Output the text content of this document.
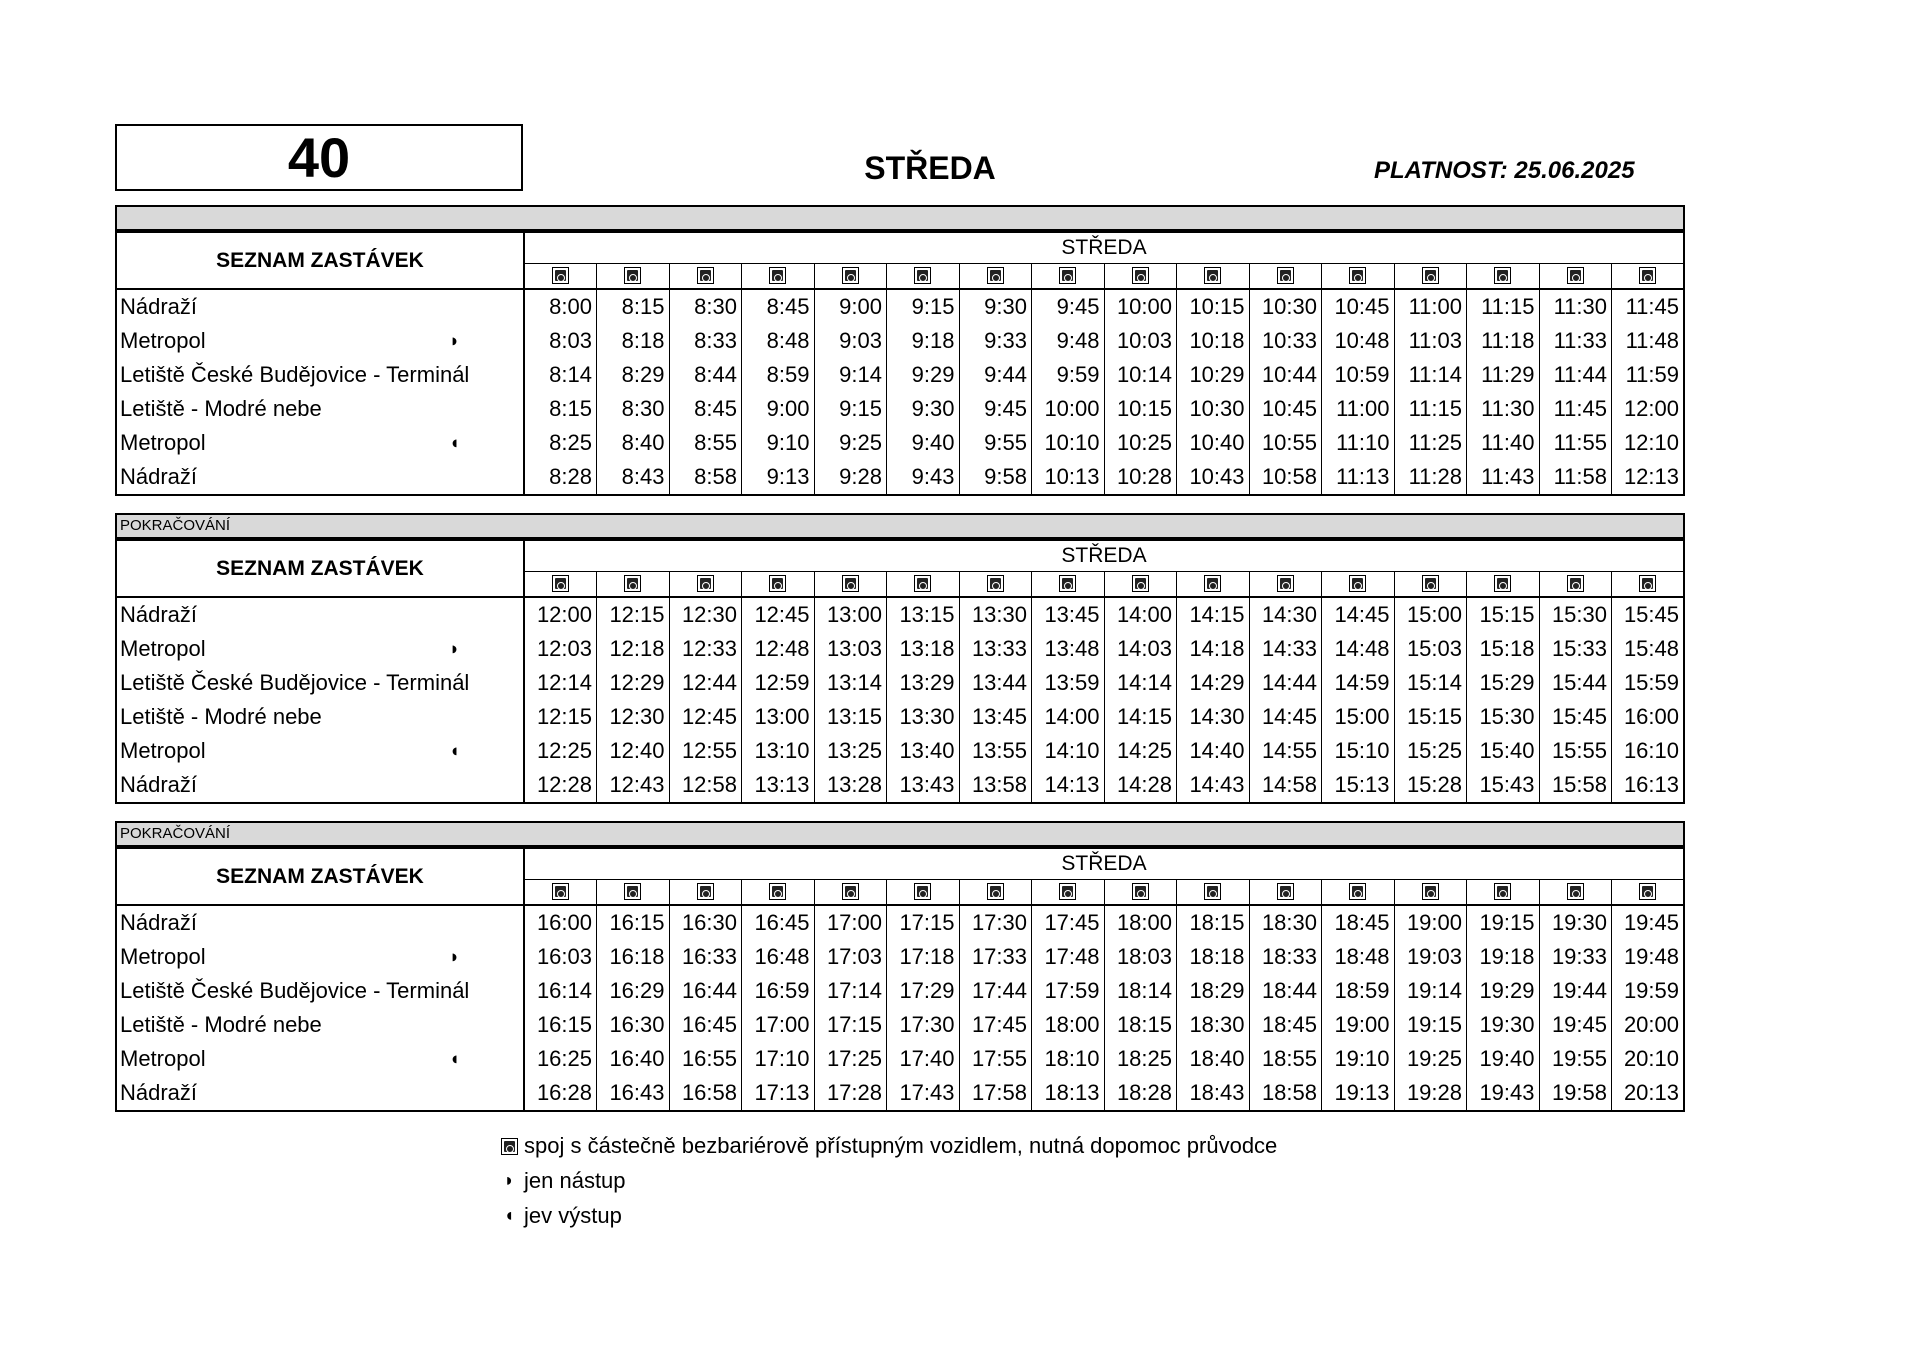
40	STŘEDA	PLATNOST: 25.06.2025
SEZNAM ZASTÁVEK	STŘEDA															

Nádraží	8:00	8:15	8:30	8:45	9:00	9:15	9:30	9:45	10:00	10:15	10:30	10:45	11:00	11:15	11:30	11:45
Metropol ◗	8:03	8:18	8:33	8:48	9:03	9:18	9:33	9:48	10:03	10:18	10:33	10:48	11:03	11:18	11:33	11:48
Letiště České Budějovice - Terminál	8:14	8:29	8:44	8:59	9:14	9:29	9:44	9:59	10:14	10:29	10:44	10:59	11:14	11:29	11:44	11:59
Letiště - Modré nebe	8:15	8:30	8:45	9:00	9:15	9:30	9:45	10:00	10:15	10:30	10:45	11:00	11:15	11:30	11:45	12:00
Metropol ◖	8:25	8:40	8:55	9:10	9:25	9:40	9:55	10:10	10:25	10:40	10:55	11:10	11:25	11:40	11:55	12:10
Nádraží	8:28	8:43	8:58	9:13	9:28	9:43	9:58	10:13	10:28	10:43	10:58	11:13	11:28	11:43	11:58	12:13
POKRAČOVÁNÍ
SEZNAM ZASTÁVEK	STŘEDA															

Nádraží	12:00	12:15	12:30	12:45	13:00	13:15	13:30	13:45	14:00	14:15	14:30	14:45	15:00	15:15	15:30	15:45
Metropol ◗	12:03	12:18	12:33	12:48	13:03	13:18	13:33	13:48	14:03	14:18	14:33	14:48	15:03	15:18	15:33	15:48
Letiště České Budějovice - Terminál	12:14	12:29	12:44	12:59	13:14	13:29	13:44	13:59	14:14	14:29	14:44	14:59	15:14	15:29	15:44	15:59
Letiště - Modré nebe	12:15	12:30	12:45	13:00	13:15	13:30	13:45	14:00	14:15	14:30	14:45	15:00	15:15	15:30	15:45	16:00
Metropol ◖	12:25	12:40	12:55	13:10	13:25	13:40	13:55	14:10	14:25	14:40	14:55	15:10	15:25	15:40	15:55	16:10
Nádraží	12:28	12:43	12:58	13:13	13:28	13:43	13:58	14:13	14:28	14:43	14:58	15:13	15:28	15:43	15:58	16:13
POKRAČOVÁNÍ
SEZNAM ZASTÁVEK	STŘEDA															

Nádraží	16:00	16:15	16:30	16:45	17:00	17:15	17:30	17:45	18:00	18:15	18:30	18:45	19:00	19:15	19:30	19:45
Metropol ◗	16:03	16:18	16:33	16:48	17:03	17:18	17:33	17:48	18:03	18:18	18:33	18:48	19:03	19:18	19:33	19:48
Letiště České Budějovice - Terminál	16:14	16:29	16:44	16:59	17:14	17:29	17:44	17:59	18:14	18:29	18:44	18:59	19:14	19:29	19:44	19:59
Letiště - Modré nebe	16:15	16:30	16:45	17:00	17:15	17:30	17:45	18:00	18:15	18:30	18:45	19:00	19:15	19:30	19:45	20:00
Metropol ◖	16:25	16:40	16:55	17:10	17:25	17:40	17:55	18:10	18:25	18:40	18:55	19:10	19:25	19:40	19:55	20:10
Nádraží	16:28	16:43	16:58	17:13	17:28	17:43	17:58	18:13	18:28	18:43	18:58	19:13	19:28	19:43	19:58	20:13
spoj s částečně bezbariérově přístupným vozidlem, nutná dopomoc průvodce
◗ jen nástup
◖ jev výstup
